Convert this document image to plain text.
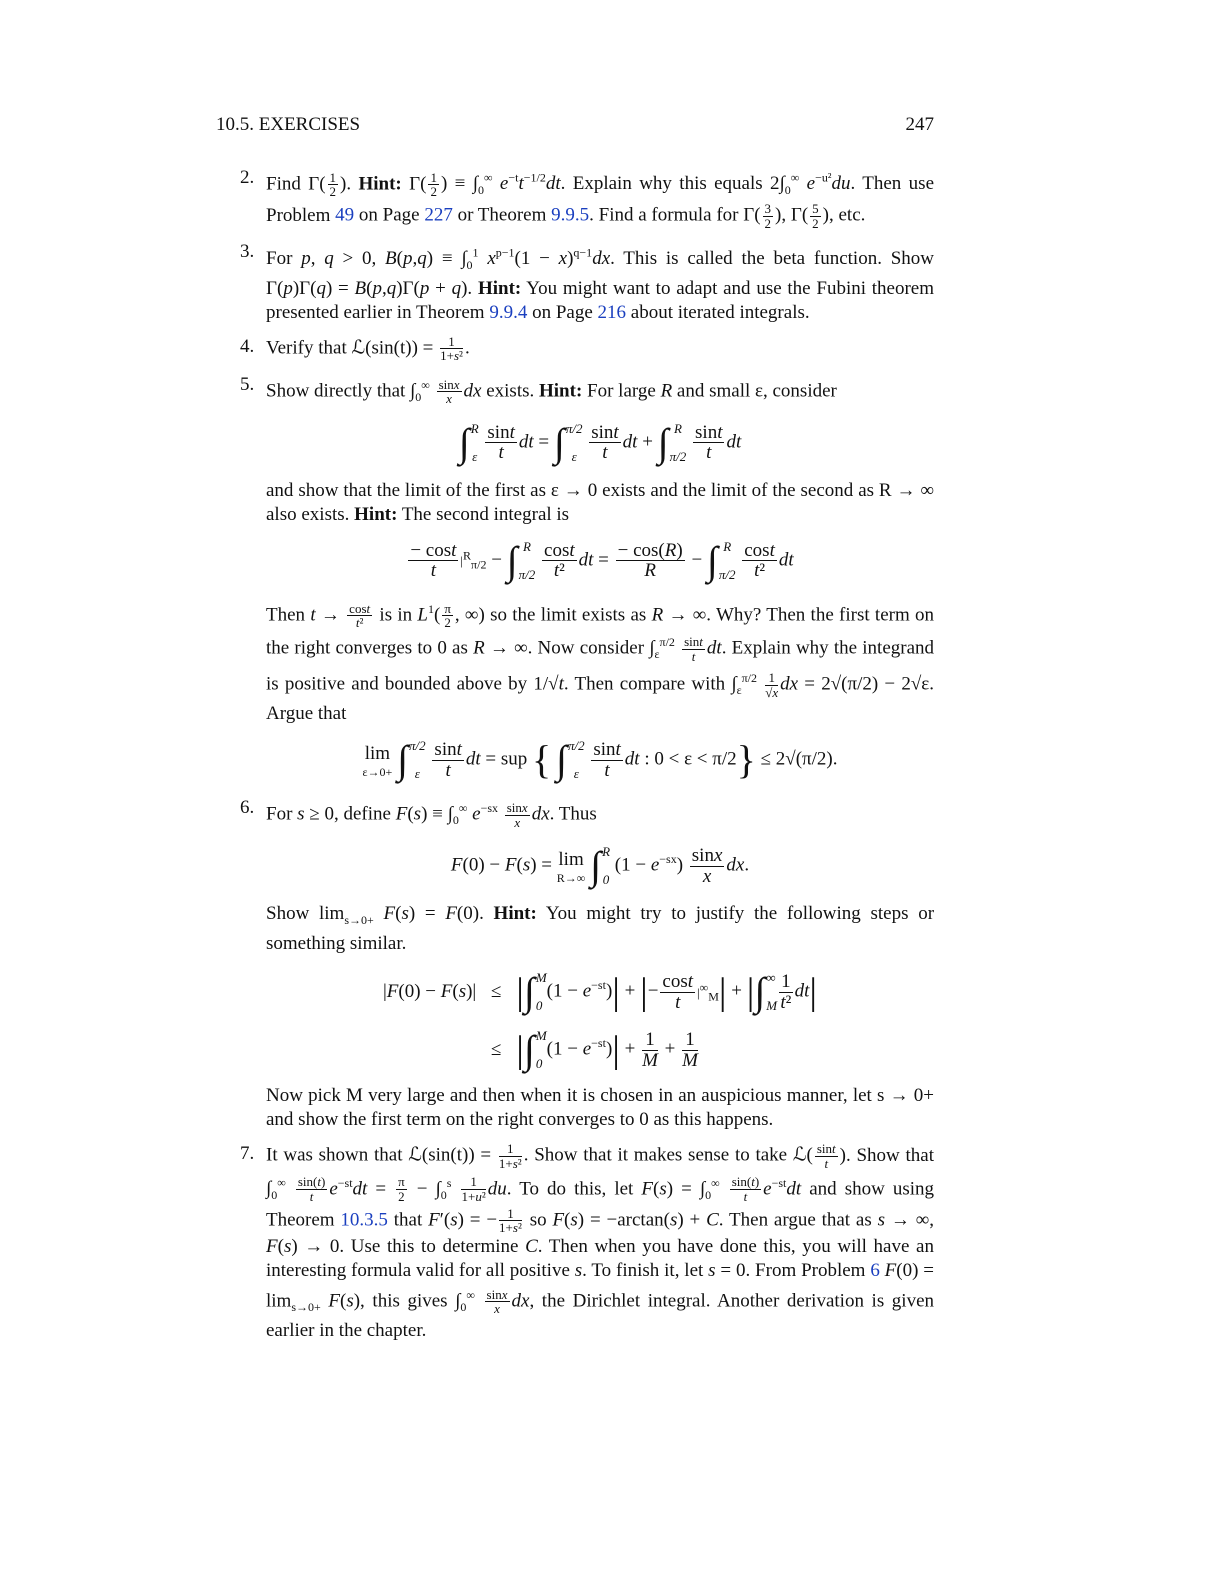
10.5. EXERCISES	247
2. Find $\Gamma( \frac{1}{2}$ ). Hint: $\Gamma( \frac{1}{2}$ ) ≡ $\int_0^\infty$ $e^{-t}t^{-1/2}dt$. Explain why this equals $2\int_0^\infty$ $e^{-u^2}du$. Then use Problem 49 on Page 227 or Theorem 9.9.5. Find a formula for $\Gamma( \frac{3}{2}$ ), $\Gamma( \frac{5}{2}$ ), etc.
3. For p, q > 0, $B(p,q) \equiv \int_0^1$ $x^{p-1}(1 - x)^{q-1}dx$. This is called the beta function. Show Γ(p)Γ(q) = B(p,q)Γ(p + q). Hint: You might want to adapt and use the Fubini theorem presented earlier in Theorem 9.9.4 on Page 216 about iterated integrals.
4. Verify that ℒ(sin(t)) = $\frac{1}{\text{1+s²}}$ .
5. Show directly that $\int_0^\infty \frac{\sin x}{x}$ dx exists. Hint: For large R and small ε, consider
∫ R
ε
$\frac{\sin t}{t}$ dt = ∫ π/2
ε
$\frac{\sin t}{t}$ dt + ∫ R
π/2
$\frac{\sin t}{t}$ dt
and show that the limit of the first as ε → 0 exists and the limit of the second as R → ∞ also exists. Hint: The second integral is
$\frac{- \cos t}{t} |^R_{\pi/2}$ − ∫ R
π/2
$\frac{\cos t}{\text{t²}}$ dt = $\frac{- \cos(R)}{R}$ − ∫ R
π/2
$\frac{\cos t}{\text{t²}}$ dt
Then $t \to \frac{\cos t}{\text{t²}}$ is in $L^1( \frac{\pi}{2}$ , ∞) so the limit exists as R → ∞. Why? Then the first term on the right converges to 0 as R → ∞. Now consider $\int_\varepsilon^{\pi/2} \frac{\sin t}{t}$ dt. Explain why the integrand is positive and bounded above by 1/√t. Then compare with $\int_\varepsilon^{\pi/2} \frac{1}{√x}$ dx = 2√(π/2) − 2√ε. Argue that
lim
ε→0+
∫ π/2
ε
$\frac{\sin t}{t}$ dt = sup { ∫ π/2
ε
$\frac{\sin t}{t}$ dt : 0 < ε < π/2} ≤ 2√(π/2).
6. For s ≥ 0, define $F(s) \equiv \int_0^\infty$ $e^{-sx} \frac{\sin x}{x}$ dx. Thus
F(0) − F(s) = lim
R→∞
∫ R
0
$(1 - e^{-sx}) \frac{\sin x}{x}$ dx.
Show $\lim_{s\to 0+} F(s) = F(0)$. Hint: You might try to justify the following steps or something similar.
|F(0) − F(s)| ≤ | ∫ M
0
$(1 - e^{-st})|$ + |− $\frac{\cos t}{t} |^\infty_M|$ + | ∫ ∞
M $\frac{1}{\text{t²}} dt|$
≤ | ∫ M
0
$(1 - e^{-st})| + \frac{1}{M} + \frac{1}{M}$
Now pick M very large and then when it is chosen in an auspicious manner, let s → 0+ and show the first term on the right converges to 0 as this happens.
7. It was shown that ℒ(sin(t)) = $\frac{1}{\text{1+s²}}$ . Show that it makes sense to take ℒ( $\frac{\sin t}{t}$ ). Show that $\int_0^\infty \frac{\sin(t)}{t} e^{-st}dt = \frac{\pi}{2} - \int_0^s \frac{1}{\text{1+u²}}$ du. To do this, let $F(s) = \int_0^\infty \frac{\sin(t)}{t} e^{-st}dt$ and show using Theorem 10.3.5 that F′(s) = − $\frac{1}{\text{1+s²}}$ so F(s) = −arctan(s) + C. Then argue that as s → ∞, F(s) → 0. Use this to determine C. Then when you have done this, you will have an interesting formula valid for all positive s. To finish it, let s = 0. From Problem 6 $F(0) = \lim_{s\to 0+} F(s)$, this gives $\int_0^\infty \frac{\sin x}{x}$ dx, the Dirichlet integral. Another derivation is given earlier in the chapter.
